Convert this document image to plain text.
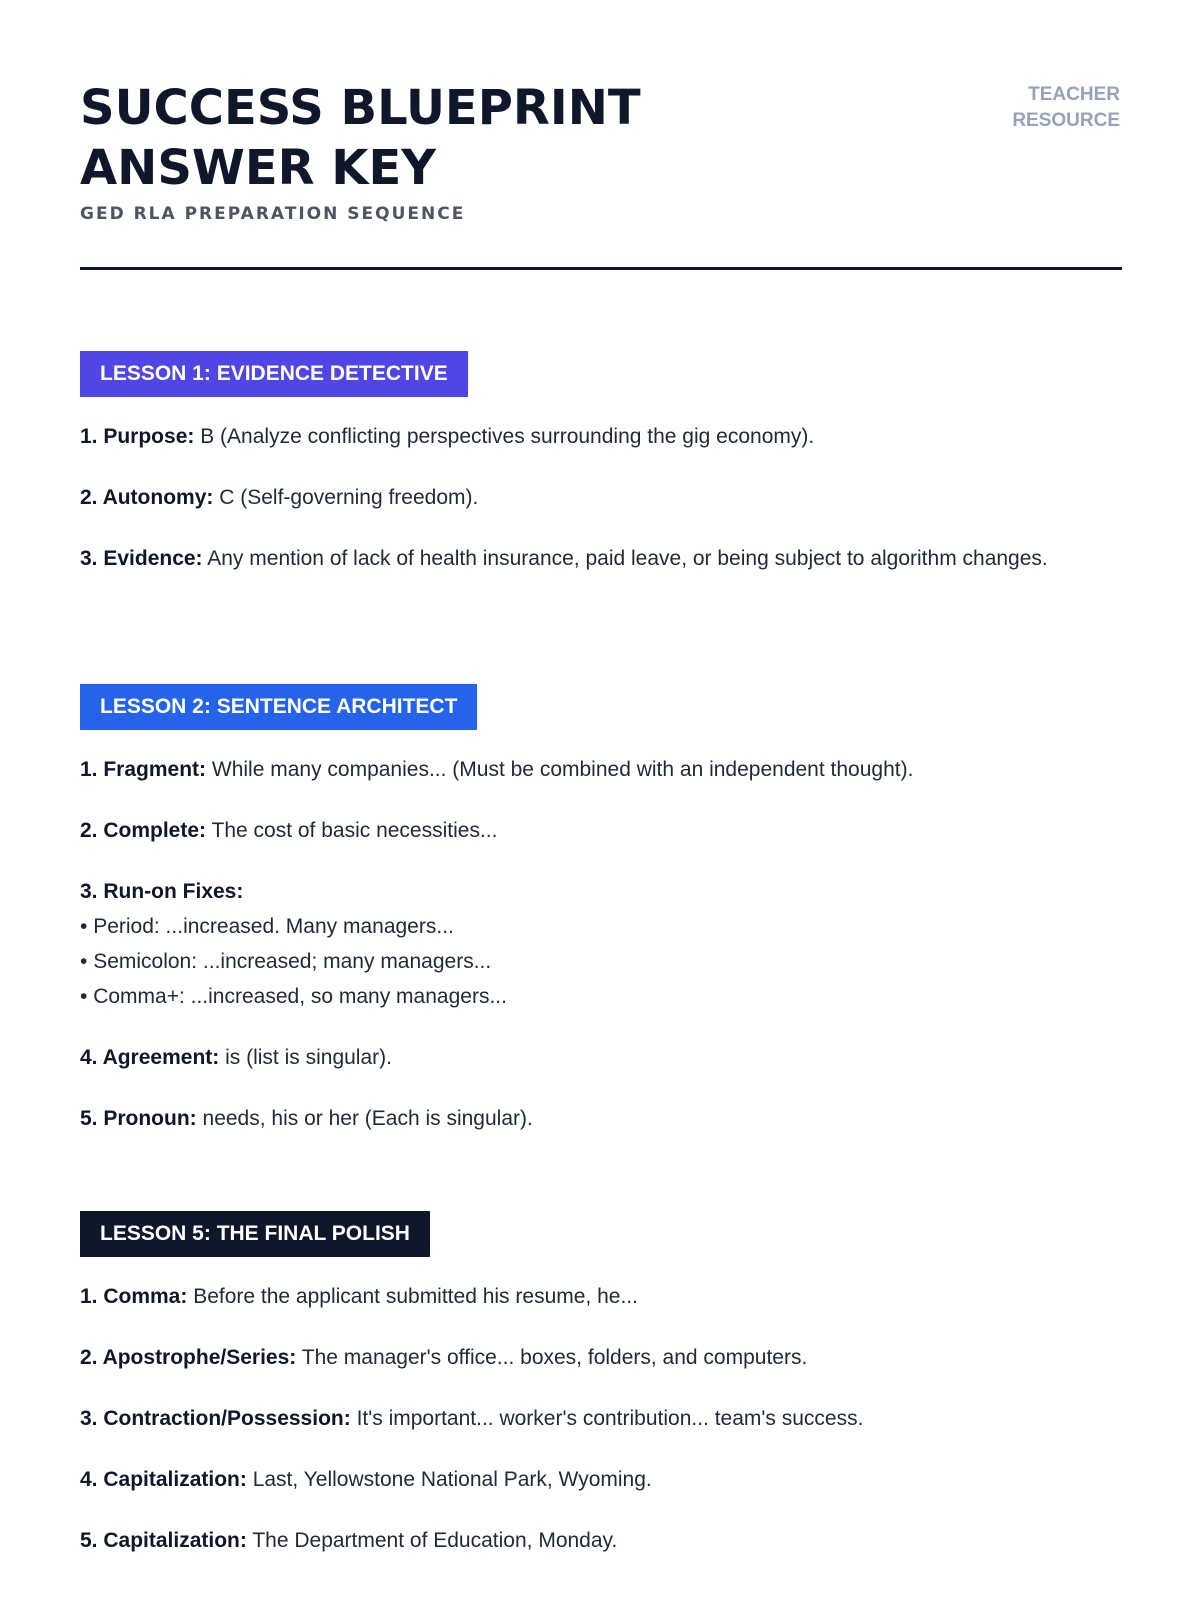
SUCCESS BLUEPRINT ANSWER KEY
GED RLA PREPARATION SEQUENCE
TEACHER
RESOURCE
LESSON 1: EVIDENCE DETECTIVE

1. Purpose: B (Analyze conflicting perspectives surrounding the gig economy).

2. Autonomy: C (Self-governing freedom).

3. Evidence: Any mention of lack of health insurance, paid leave, or being subject to algorithm changes.

LESSON 2: SENTENCE ARCHITECT

1. Fragment: While many companies... (Must be combined with an independent thought).

2. Complete: The cost of basic necessities...

3. Run-on Fixes:

• Period: ...increased. Many managers...
• Semicolon: ...increased; many managers...
• Comma+: ...increased, so many managers...

4. Agreement: is (list is singular).

5. Pronoun: needs, his or her (Each is singular).

LESSON 5: THE FINAL POLISH

1. Comma: Before the applicant submitted his resume, he...

2. Apostrophe/Series: The manager's office... boxes, folders, and computers.

3. Contraction/Possession: It's important... worker's contribution... team's success.

4. Capitalization: Last, Yellowstone National Park, Wyoming.

5. Capitalization: The Department of Education, Monday.
